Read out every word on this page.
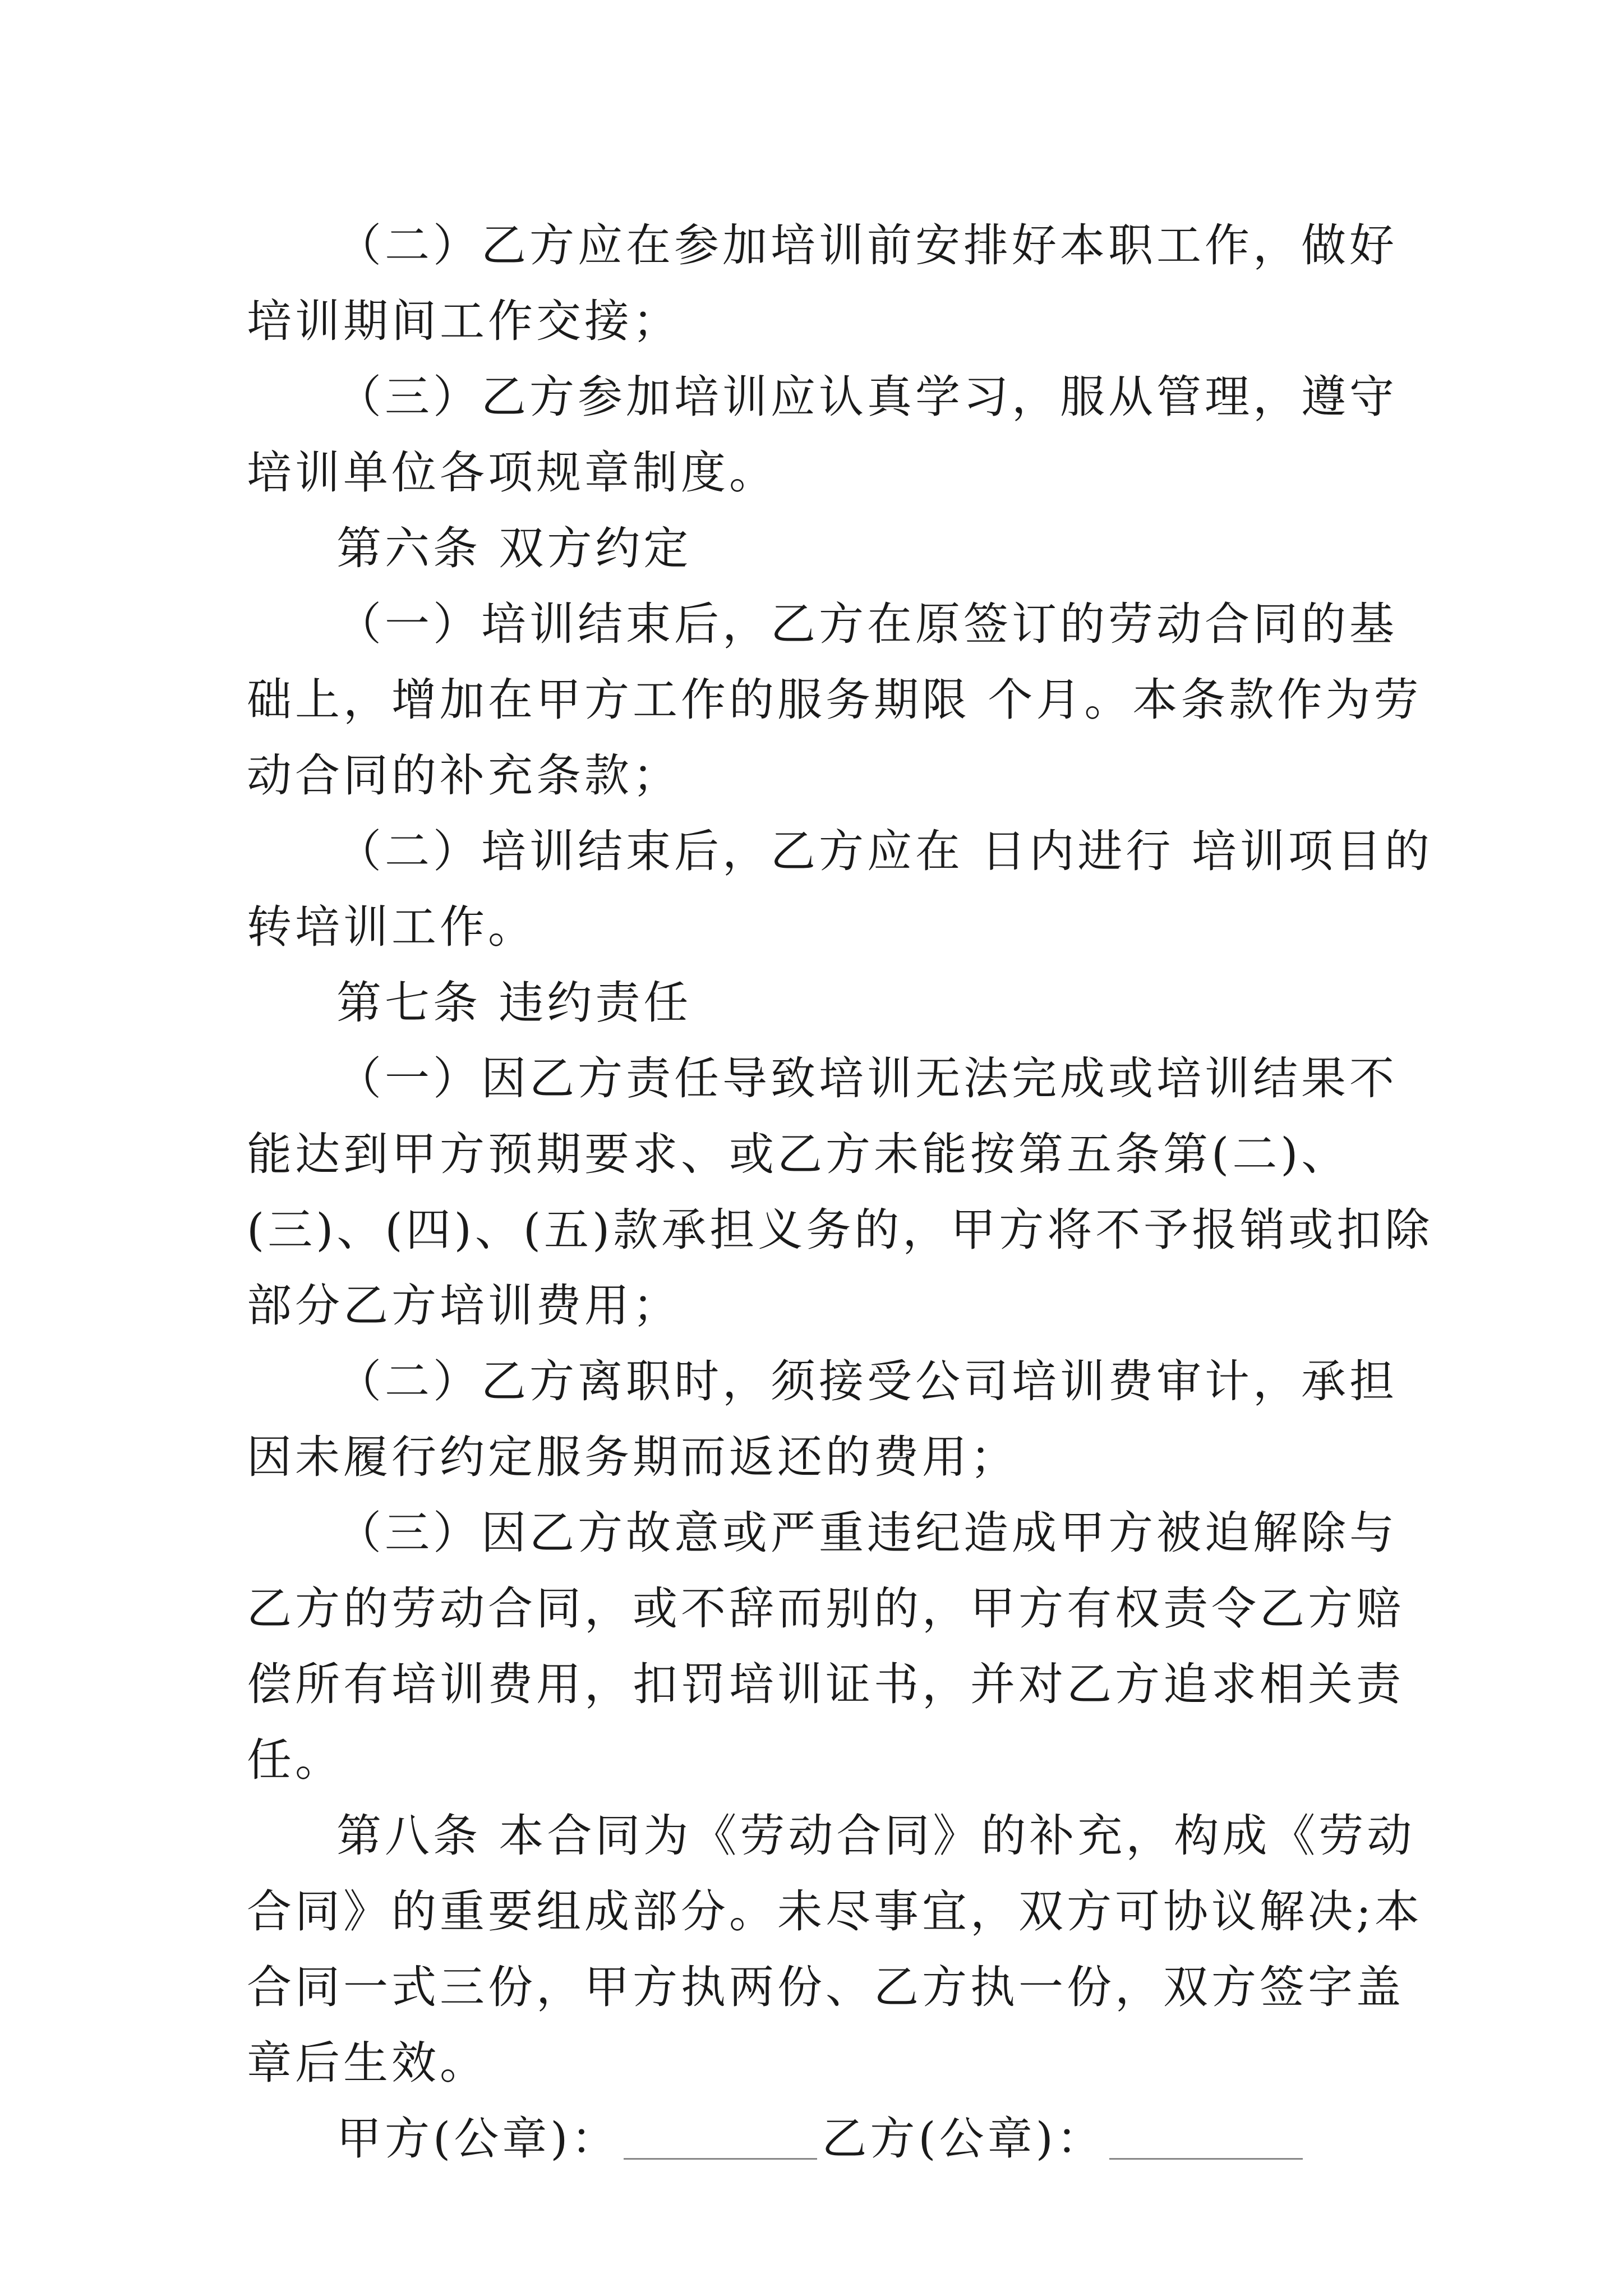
（二）乙方应在参加培训前安排好本职工作，做好培训期间工作交接；

（三）乙方参加培训应认真学习，服从管理，遵守培训单位各项规章制度。

第六条 双方约定

（一）培训结束后，乙方在原签订的劳动合同的基础上，增加在甲方工作的服务期限 个月。本条款作为劳动合同的补充条款；

（二）培训结束后，乙方应在 日内进行 培训项目的转培训工作。

第七条 违约责任

（一）因乙方责任导致培训无法完成或培训结果不能达到甲方预期要求、或乙方未能按第五条第(二)、(三)、(四)、(五)款承担义务的，甲方将不予报销或扣除部分乙方培训费用；

（二）乙方离职时，须接受公司培训费审计，承担因未履行约定服务期而返还的费用；

（三）因乙方故意或严重违纪造成甲方被迫解除与乙方的劳动合同，或不辞而别的，甲方有权责令乙方赔偿所有培训费用，扣罚培训证书，并对乙方追求相关责任。

第八条 本合同为《劳动合同》的补充，构成《劳动合同》的重要组成部分。未尽事宜，双方可协议解决;本合同一式三份，甲方执两份、乙方执一份，双方签字盖章后生效。

甲方(公章)：	乙方(公章)：
